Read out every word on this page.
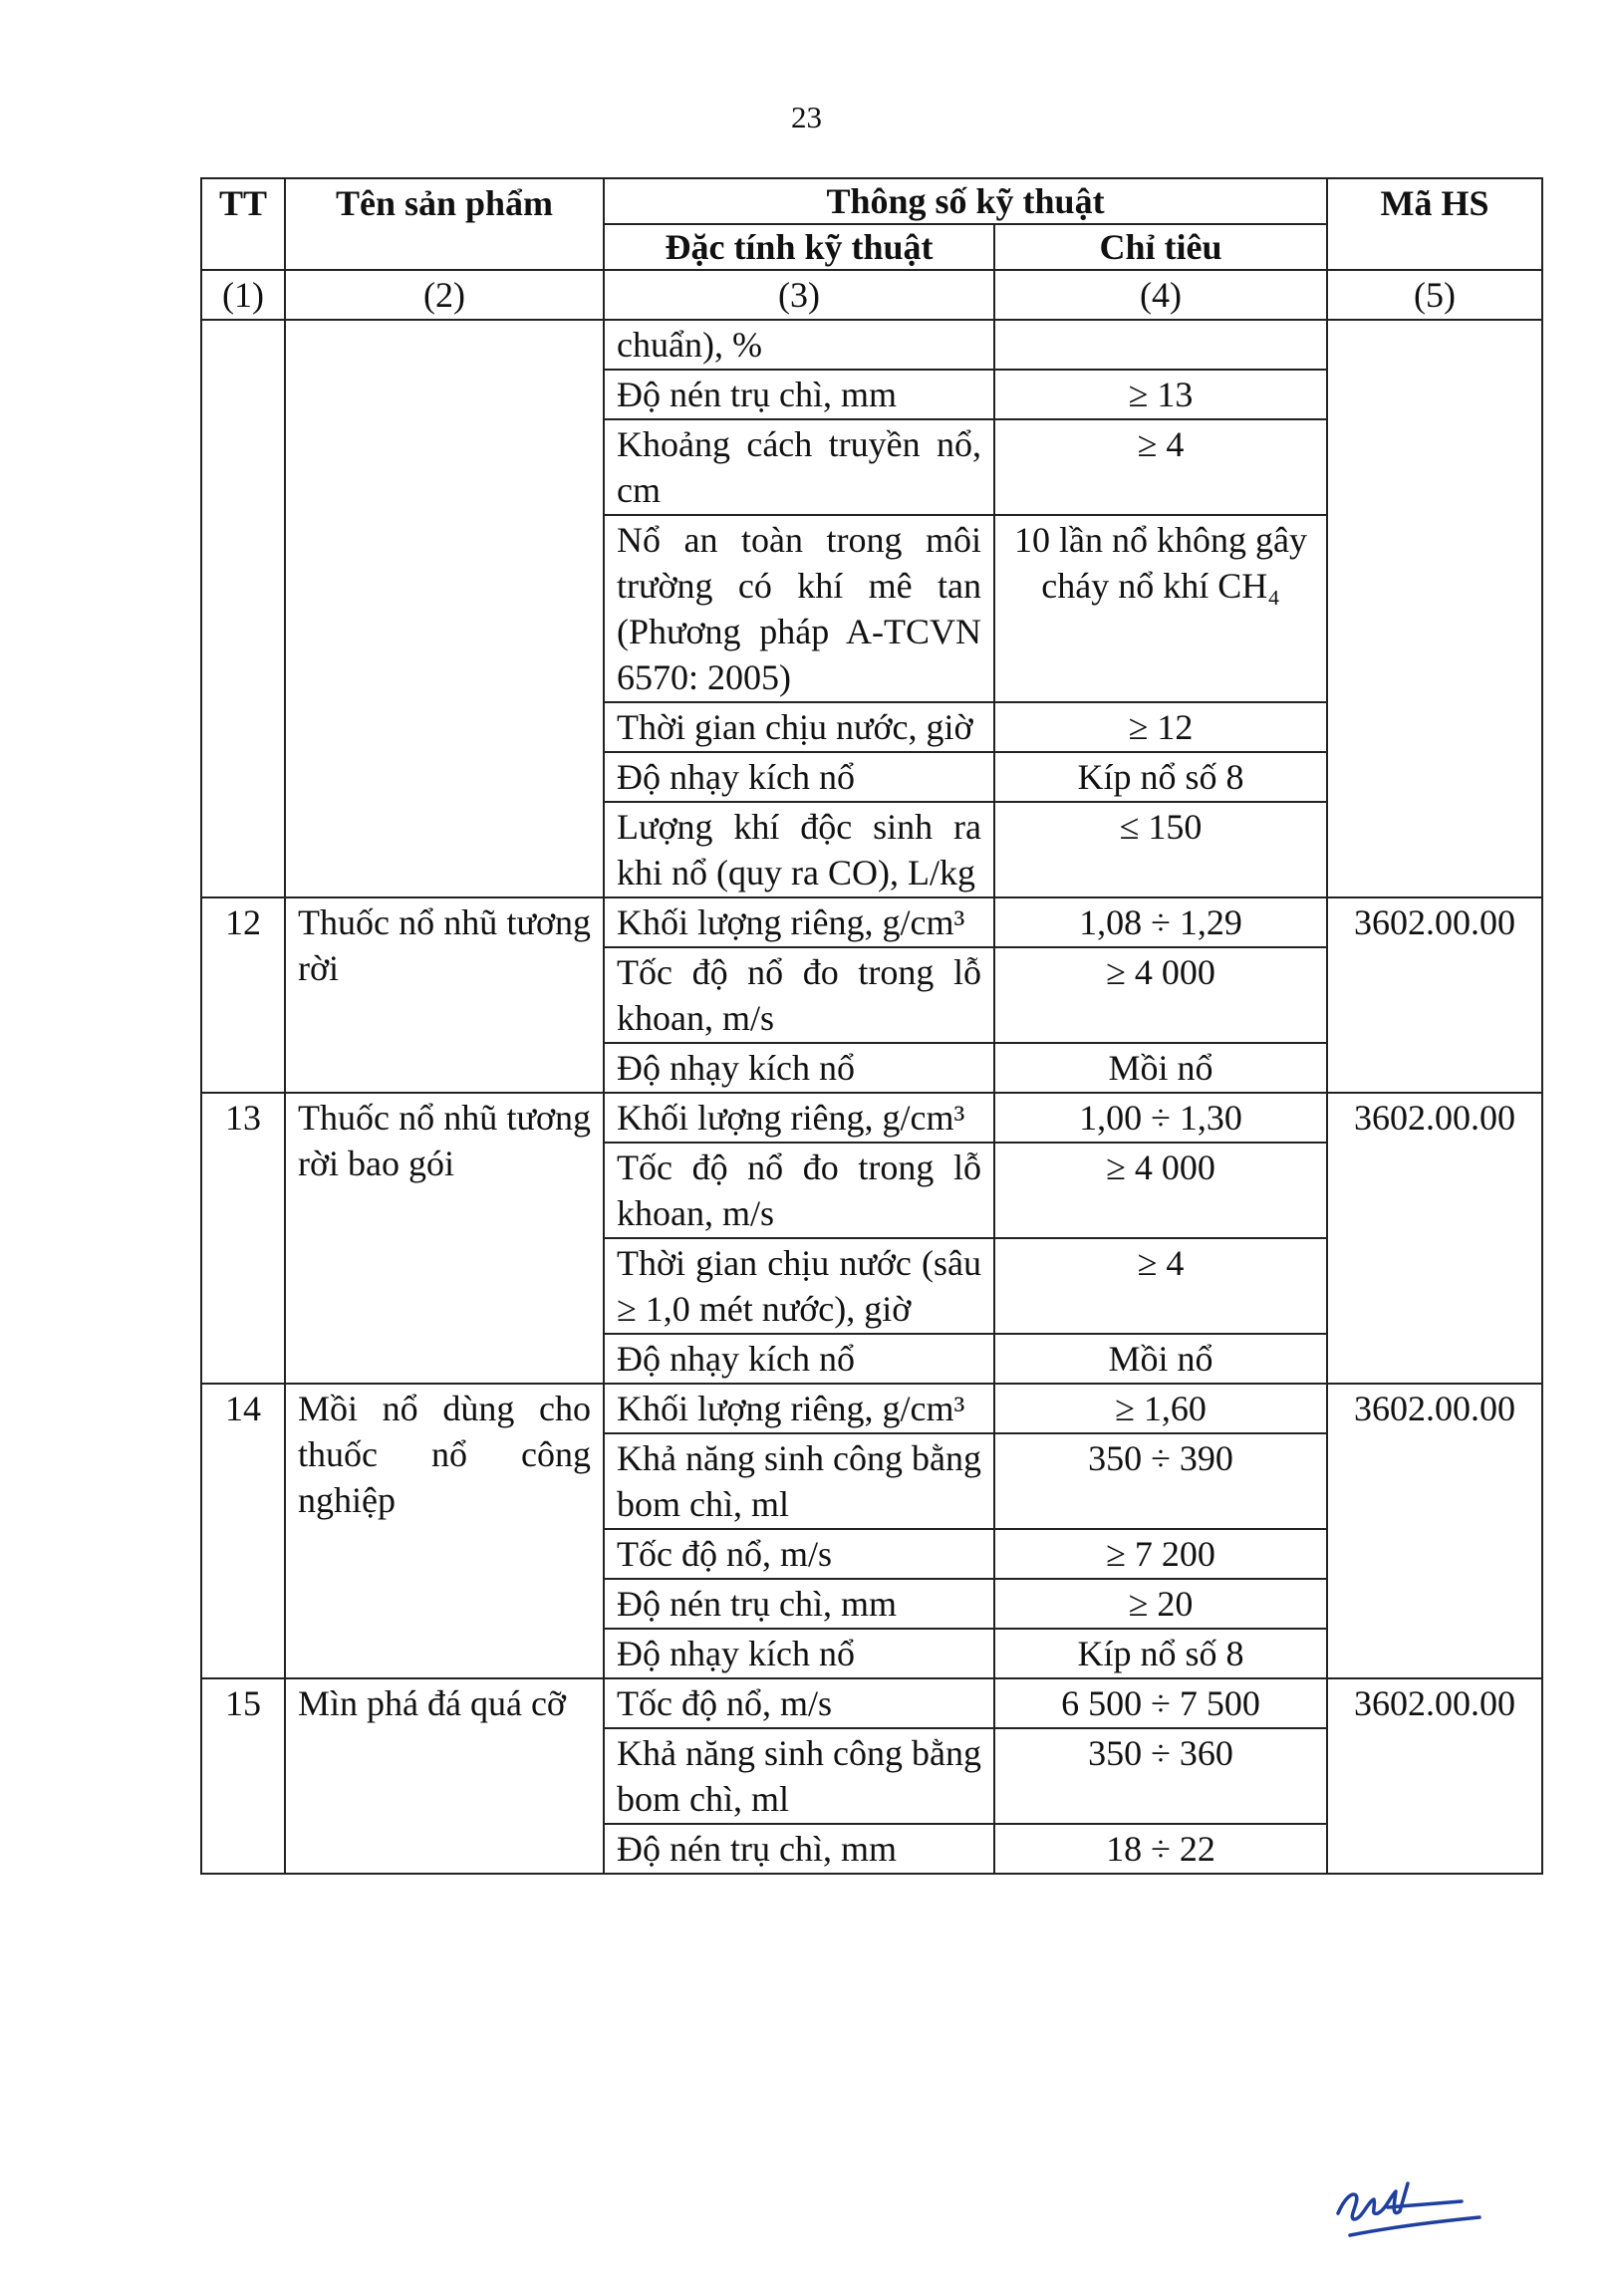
23
TT	Tên sản phẩm	Thông số kỹ thuật		Mã HS
		Đặc tính kỹ thuật	Chỉ tiêu	
(1)	(2)	(3)	(4)	(5)
		chuẩn), %		
		Độ nén trụ chì, mm	≥ 13	
		Khoảng cách truyền nổ, cm	≥ 4	
		Nổ an toàn trong môi trường có khí mê tan (Phương pháp A-TCVN 6570: 2005)	10 lần nổ không gây cháy nổ khí CH₄	
		Thời gian chịu nước, giờ	≥ 12	
		Độ nhạy kích nổ	Kíp nổ số 8	
		Lượng khí độc sinh ra khi nổ (quy ra CO), L/kg	≤ 150	
12	Thuốc nổ nhũ tương rời	Khối lượng riêng, g/cm³	1,08 ÷ 1,29	3602.00.00
		Tốc độ nổ đo trong lỗ khoan, m/s	≥ 4 000	
		Độ nhạy kích nổ	Mồi nổ	
13	Thuốc nổ nhũ tương rời bao gói	Khối lượng riêng, g/cm³	1,00 ÷ 1,30	3602.00.00
		Tốc độ nổ đo trong lỗ khoan, m/s	≥ 4 000	
		Thời gian chịu nước (sâu ≥ 1,0 mét nước), giờ	≥ 4	
		Độ nhạy kích nổ	Mồi nổ	
14	Mồi nổ dùng cho thuốc nổ công nghiệp	Khối lượng riêng, g/cm³	≥ 1,60	3602.00.00
		Khả năng sinh công bằng bom chì, ml	350 ÷ 390	
		Tốc độ nổ, m/s	≥ 7 200	
		Độ nén trụ chì, mm	≥ 20	
		Độ nhạy kích nổ	Kíp nổ số 8	
15	Mìn phá đá quá cỡ	Tốc độ nổ, m/s	6 500 ÷ 7 500	3602.00.00
		Khả năng sinh công bằng bom chì, ml	350 ÷ 360	
		Độ nén trụ chì, mm	18 ÷ 22	
